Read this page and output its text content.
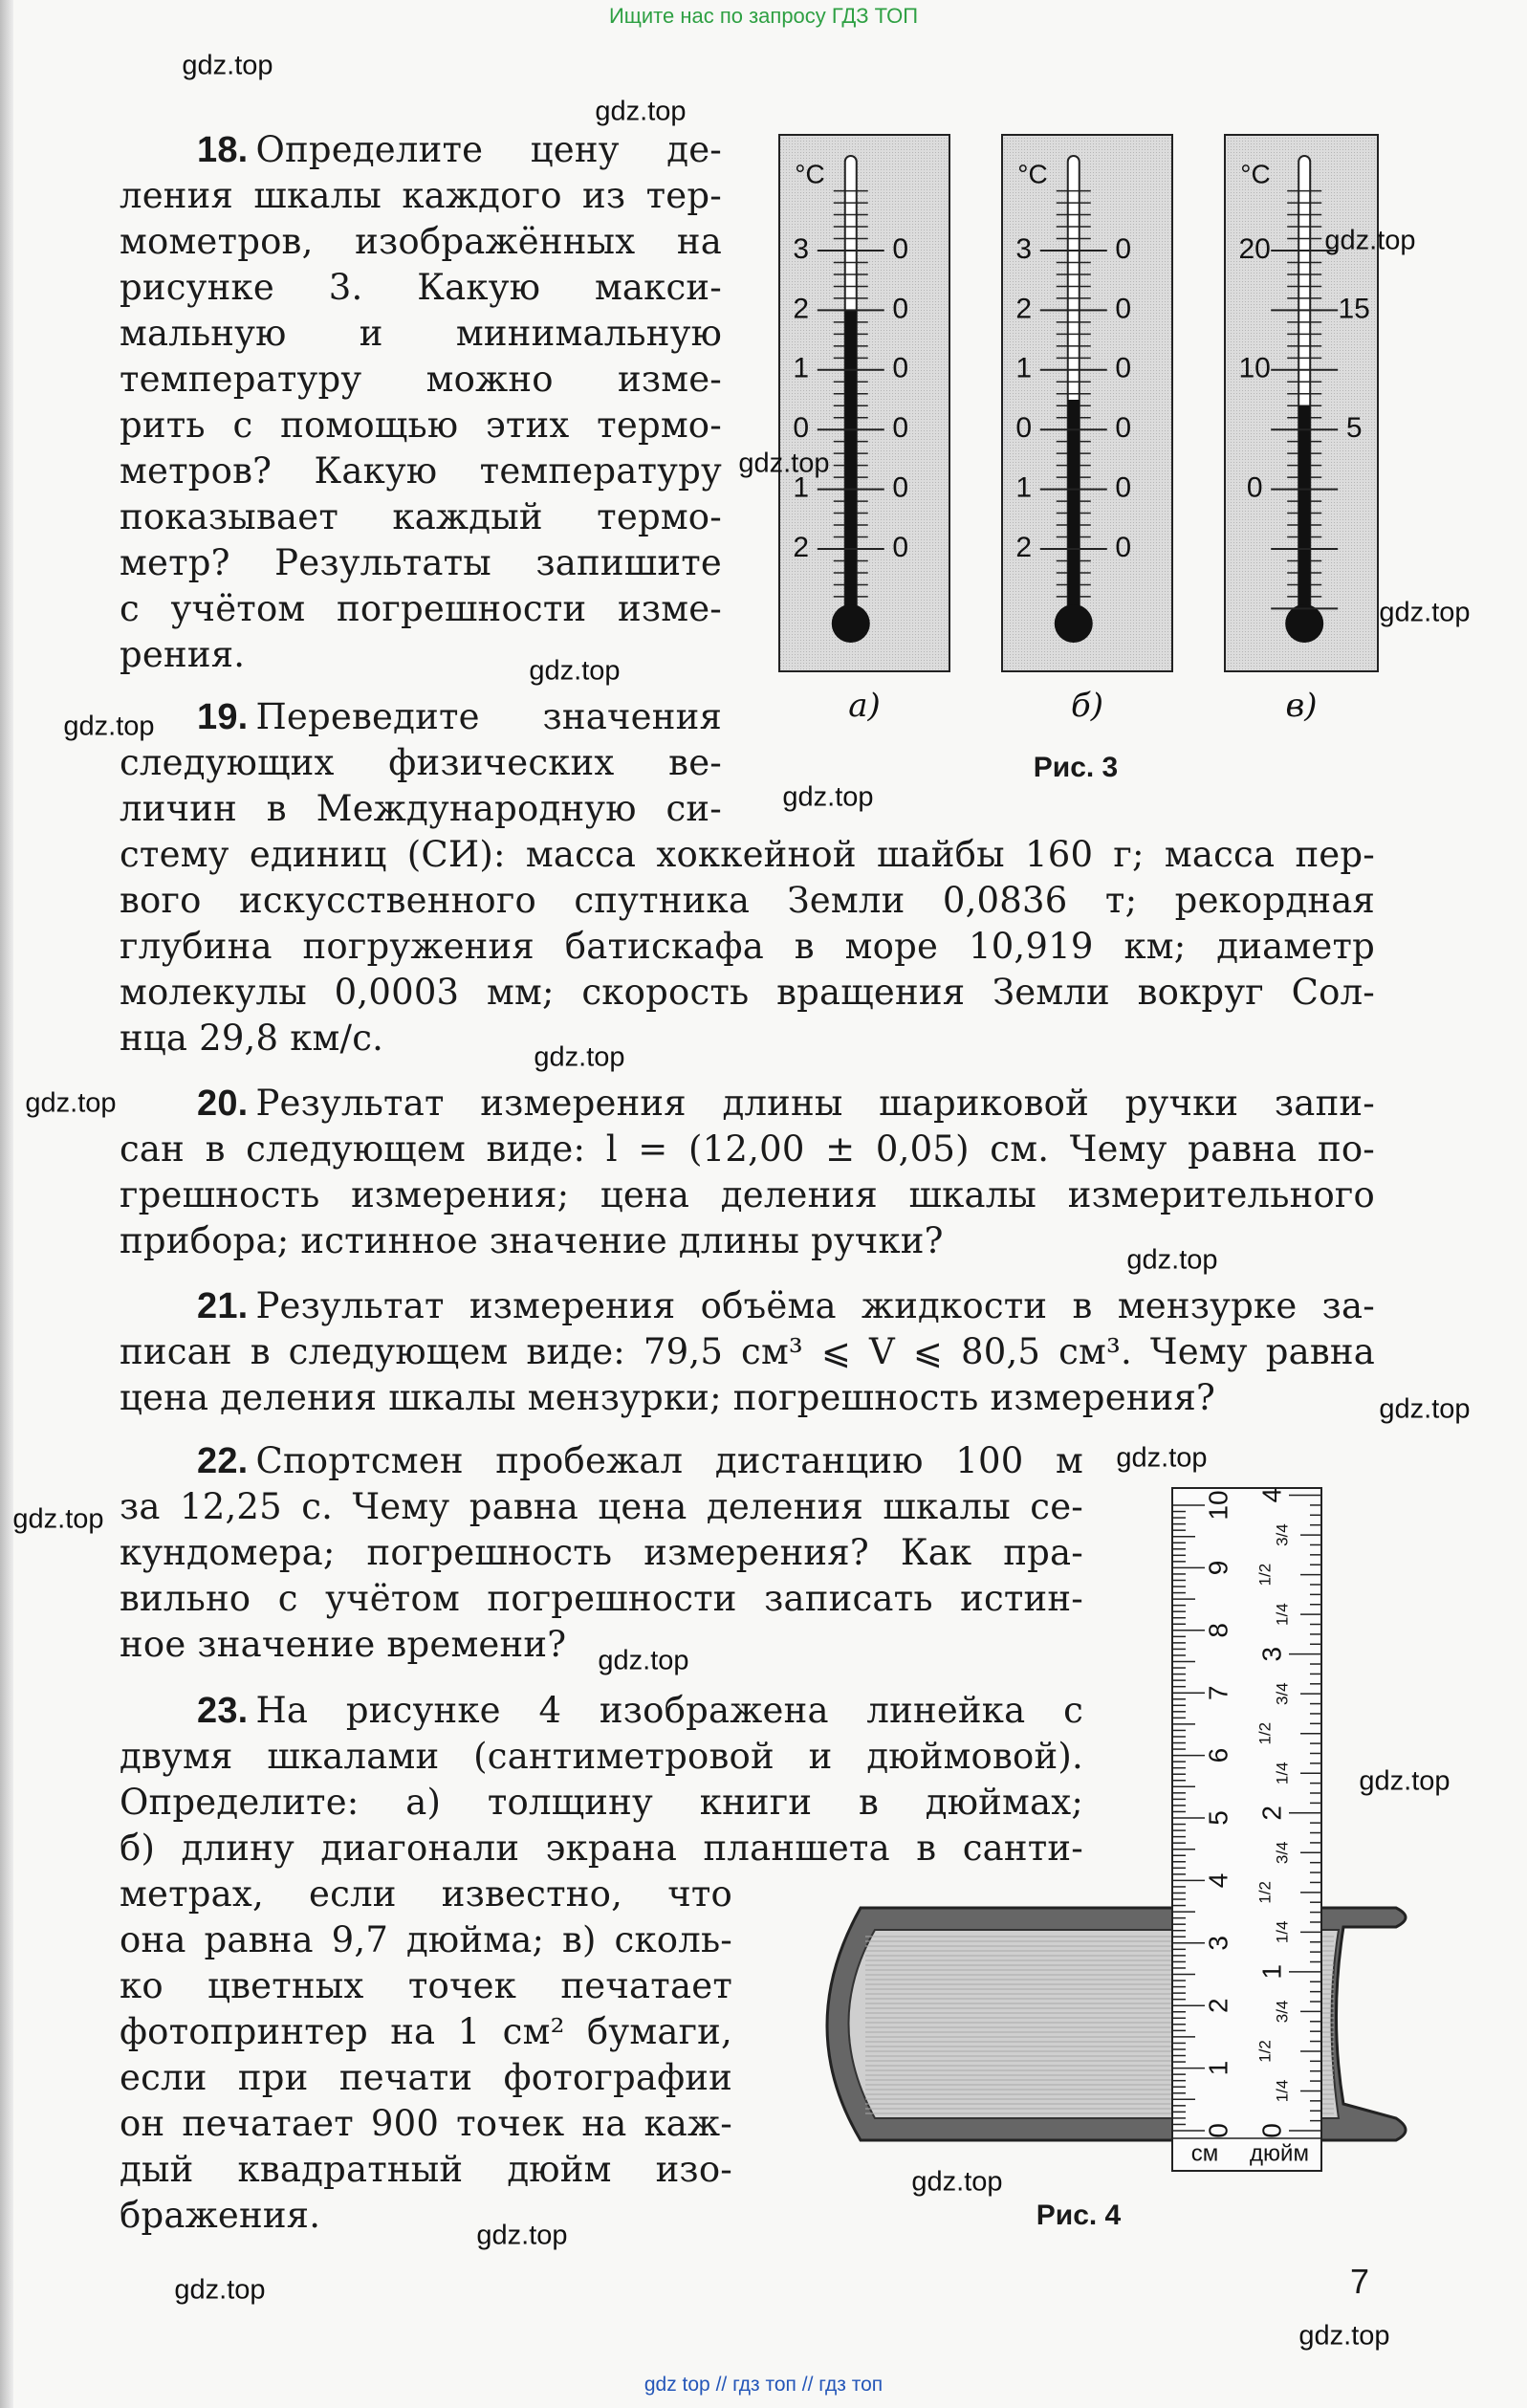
Ищите нас по запросу ГДЗ ТОП
18. Определите цену де-
ления шкалы каждого из тер-
мометров, изображённых на
рисунке 3. Какую макси-
мальную и минимальную
температуру можно изме-
рить с помощью этих термо-
метров? Какую температуру
показывает каждый термо-
метр? Результаты запишите
с учётом погрешности изме-
рения.
19. Переведите значения
следующих физических ве-
личин в Международную си-
стему единиц (СИ): масса хоккейной шайбы 160 г; масса пер-
вого искусственного спутника Земли 0,0836 т; рекордная
глубина погружения батискафа в море 10,919 км; диаметр
молекулы 0,0003 мм; скорость вращения Земли вокруг Сол-
нца 29,8 км/с.
20. Результат измерения длины шариковой ручки запи-
сан в следующем виде: l = (12,00 ± 0,05) см. Чему равна по-
грешность измерения; цена деления шкалы измерительного
прибора; истинное значение длины ручки?
21. Результат измерения объёма жидкости в мензурке за-
писан в следующем виде: 79,5 см³ ⩽ V ⩽ 80,5 см³. Чему равна
цена деления шкалы мензурки; погрешность измерения?
22. Спортсмен пробежал дистанцию 100 м
за 12,25 с. Чему равна цена деления шкалы се-
кундомера; погрешность измерения? Как пра-
вильно с учётом погрешности записать истин-
ное значение времени?
23. На рисунке 4 изображена линейка с
двумя шкалами (сантиметровой и дюймовой).
Определите: а) толщину книги в дюймах;
б) длину диагонали экрана планшета в санти-
метрах, если известно, что
она равна 9,7 дюйма; в) сколь-
ко цветных точек печатает
фотопринтер на 1 см² бумаги,
если при печати фотографии
он печатает 900 точек на каж-
дый квадратный дюйм изо-
бражения.
3	0
2	0
1	0
0	0
1	0
2	0
°C
а)
3	0
2	0
1	0
0	0
1	0
2	0
°C
б)
20
15
10
5
0
°C
в)
0
1
2
3
4
5
6
7
8
9
10
0
1/4
1/2
3/4
1
1/4
1/2
3/4
2
1/4
1/2
3/4
3
1/4
1/2
3/4
4
см дюйм
Рис. 3
Рис. 4
7
gdz.top
gdz.top
gdz.top
gdz.top
gdz.top
gdz.top
gdz.top
gdz.top
gdz.top
gdz.top
gdz.top
gdz.top
gdz.top
gdz.top
gdz.top
gdz.top
gdz.top
gdz.top
gdz.top
gdz.top
gdz top // гдз топ // гдз топ
